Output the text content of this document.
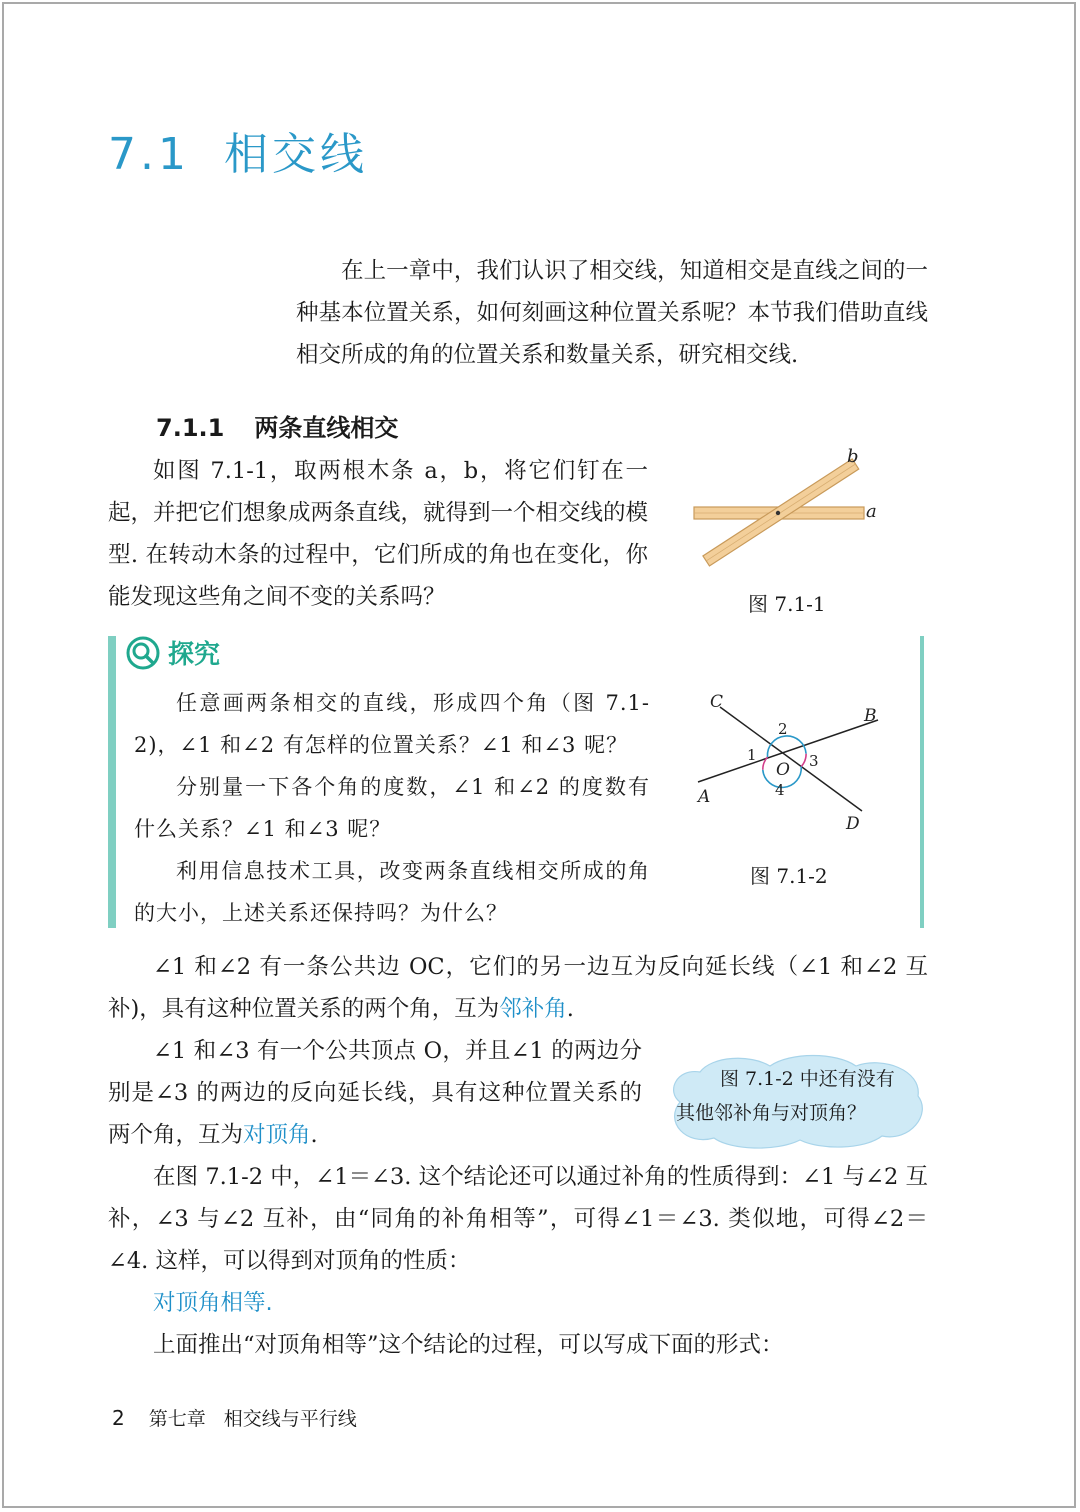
7.1 相交线

在上一章中，我们认识了相交线，知道相交是直线之间的一种基本位置关系，如何刻画这种位置关系呢？本节我们借助直线相交所成的角的位置关系和数量关系，研究相交线.

7.1.1 两条直线相交

如图 7.1-1，取两根木条 a，b，将它们钉在一起，并把它们想象成两条直线，就得到一个相交线的模型. 在转动木条的过程中，它们所成的角也在变化，你能发现这些角之间不变的关系吗？

a
b
图 7.1-1
探究

任意画两条相交的直线，形成四个角（图 7.1-2)，∠1 和∠2 有怎样的位置关系？∠1 和∠3 呢？

分别量一下各个角的度数，∠1 和∠2 的度数有什么关系？∠1 和∠3 呢？

利用信息技术工具，改变两条直线相交所成的角的大小，上述关系还保持吗？为什么？

C
B
A
D
O
1
2
3
4
图 7.1-2

∠1 和∠2 有一条公共边 OC，它们的另一边互为反向延长线（∠1 和∠2 互补)，具有这种位置关系的两个角，互为邻补角.

∠1 和∠3 有一个公共顶点 O，并且∠1 的两边分别是∠3 的两边的反向延长线，具有这种位置关系的两个角，互为对顶角.

在图 7.1-2 中，∠1＝∠3. 这个结论还可以通过补角的性质得到：∠1 与∠2 互补，∠3 与∠2 互补，由“同角的补角相等”，可得∠1＝∠3. 类似地，可得∠2＝∠4. 这样，可以得到对顶角的性质：

对顶角相等.

上面推出“对顶角相等”这个结论的过程，可以写成下面的形式：

图 7.1-2 中还有没有
其他邻补角与对顶角？
2 第七章 相交线与平行线
